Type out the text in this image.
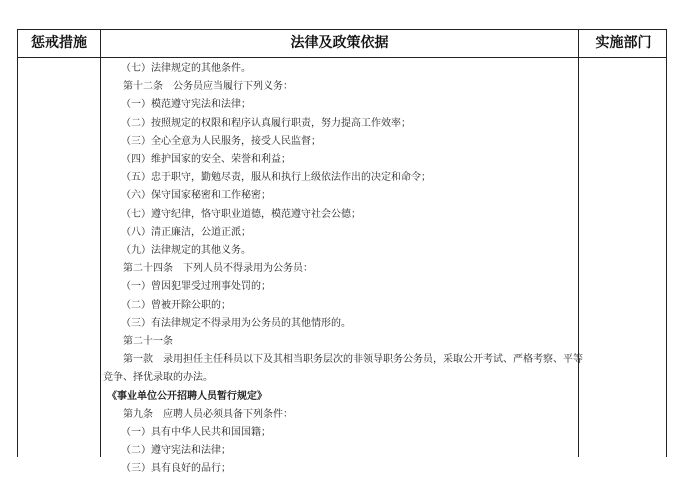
惩戒措施	法律及政策依据	实施部门
（七）法律规定的其他条件。
第十二条　公务员应当履行下列义务：
（一）模范遵守宪法和法律；
（二）按照规定的权限和程序认真履行职责，努力提高工作效率；
（三）全心全意为人民服务，接受人民监督；
（四）维护国家的安全、荣誉和利益；
（五）忠于职守，勤勉尽责，服从和执行上级依法作出的决定和命令；
（六）保守国家秘密和工作秘密；
（七）遵守纪律，恪守职业道德，模范遵守社会公德；
（八）清正廉洁，公道正派；
（九）法律规定的其他义务。
第二十四条　下列人员不得录用为公务员：
（一）曾因犯罪受过刑事处罚的；
（二）曾被开除公职的；
（三）有法律规定不得录用为公务员的其他情形的。
第二十一条
第一款　录用担任主任科员以下及其相当职务层次的非领导职务公务员，采取公开考试、严格考察、平等
竞争、择优录取的办法。
《事业单位公开招聘人员暂行规定》
第九条　应聘人员必须具备下列条件：
（一）具有中华人民共和国国籍；
（二）遵守宪法和法律；
（三）具有良好的品行；
